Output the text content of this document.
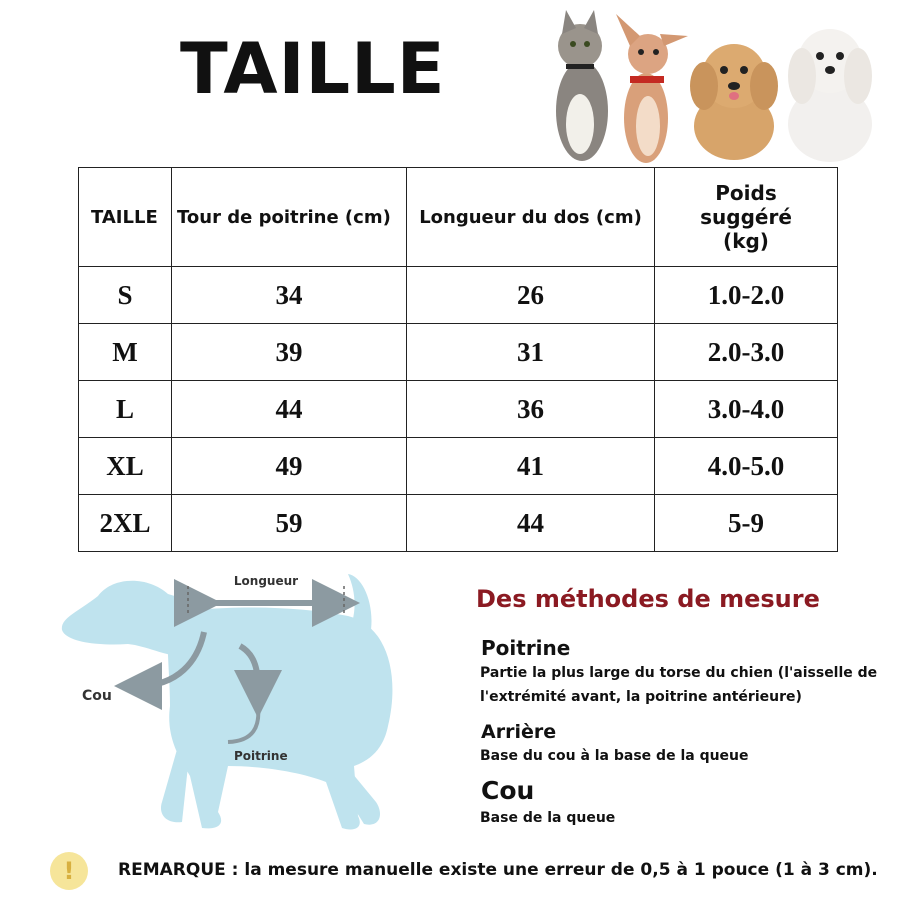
TAILLE
TAILLE	Tour de poitrine (cm)	Longueur du dos (cm)	Poids
suggéré
(kg)

S	34	26	1.0-2.0
M	39	31	2.0-3.0
L	44	36	3.0-4.0
XL	49	41	4.0-5.0
2XL	59	44	5-9
Longueur
Cou
Poitrine
Des méthodes de mesure
Poitrine
Partie la plus large du torse du chien (l'aisselle de
l'extrémité avant, la poitrine antérieure)
Arrière
Base du cou à la base de la queue
Cou
Base de la queue
!	REMARQUE : la mesure manuelle existe une erreur de 0,5 à 1 pouce (1 à 3 cm).
